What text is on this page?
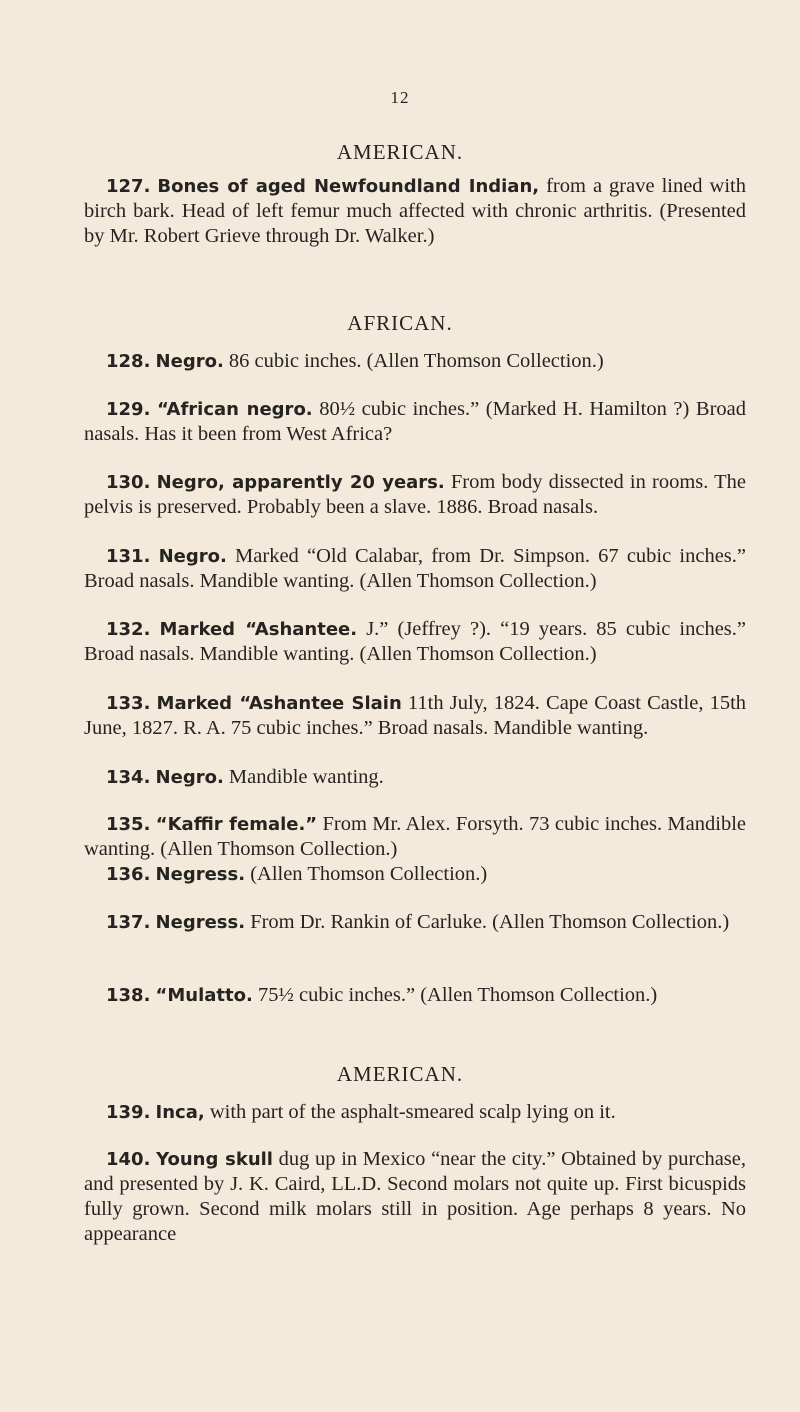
12
AMERICAN.

127. Bones of aged Newfoundland Indian, from a grave lined with birch bark. Head of left femur much affected with chronic arthritis. (Presented by Mr. Robert Grieve through Dr. Walker.)

AFRICAN.

128. Negro. 86 cubic inches. (Allen Thomson Collection.)

129. “African negro. 80½ cubic inches.” (Marked H. Hamilton ?) Broad nasals. Has it been from West Africa?

130. Negro, apparently 20 years. From body dissected in rooms. The pelvis is preserved. Probably been a slave. 1886. Broad nasals.

131. Negro. Marked “Old Calabar, from Dr. Simpson. 67 cubic inches.” Broad nasals. Mandible wanting. (Allen Thomson Collection.)

132. Marked “Ashantee. J.” (Jeffrey ?). “19 years. 85 cubic inches.” Broad nasals. Mandible wanting. (Allen Thomson Collection.)

133. Marked “Ashantee Slain 11th July, 1824. Cape Coast Castle, 15th June, 1827. R. A. 75 cubic inches.” Broad nasals. Mandible wanting.

134. Negro. Mandible wanting.

135. “Kaffir female.” From Mr. Alex. Forsyth. 73 cubic inches. Mandible wanting. (Allen Thomson Collection.)

136. Negress. (Allen Thomson Collection.)

137. Negress. From Dr. Rankin of Carluke. (Allen Thomson Collection.)

138. “Mulatto. 75½ cubic inches.” (Allen Thomson Collection.)

AMERICAN.

139. Inca, with part of the asphalt-smeared scalp lying on it.

140. Young skull dug up in Mexico “near the city.” Obtained by purchase, and presented by J. K. Caird, LL.D. Second molars not quite up. First bicuspids fully grown. Second milk molars still in position. Age perhaps 8 years. No appearance
